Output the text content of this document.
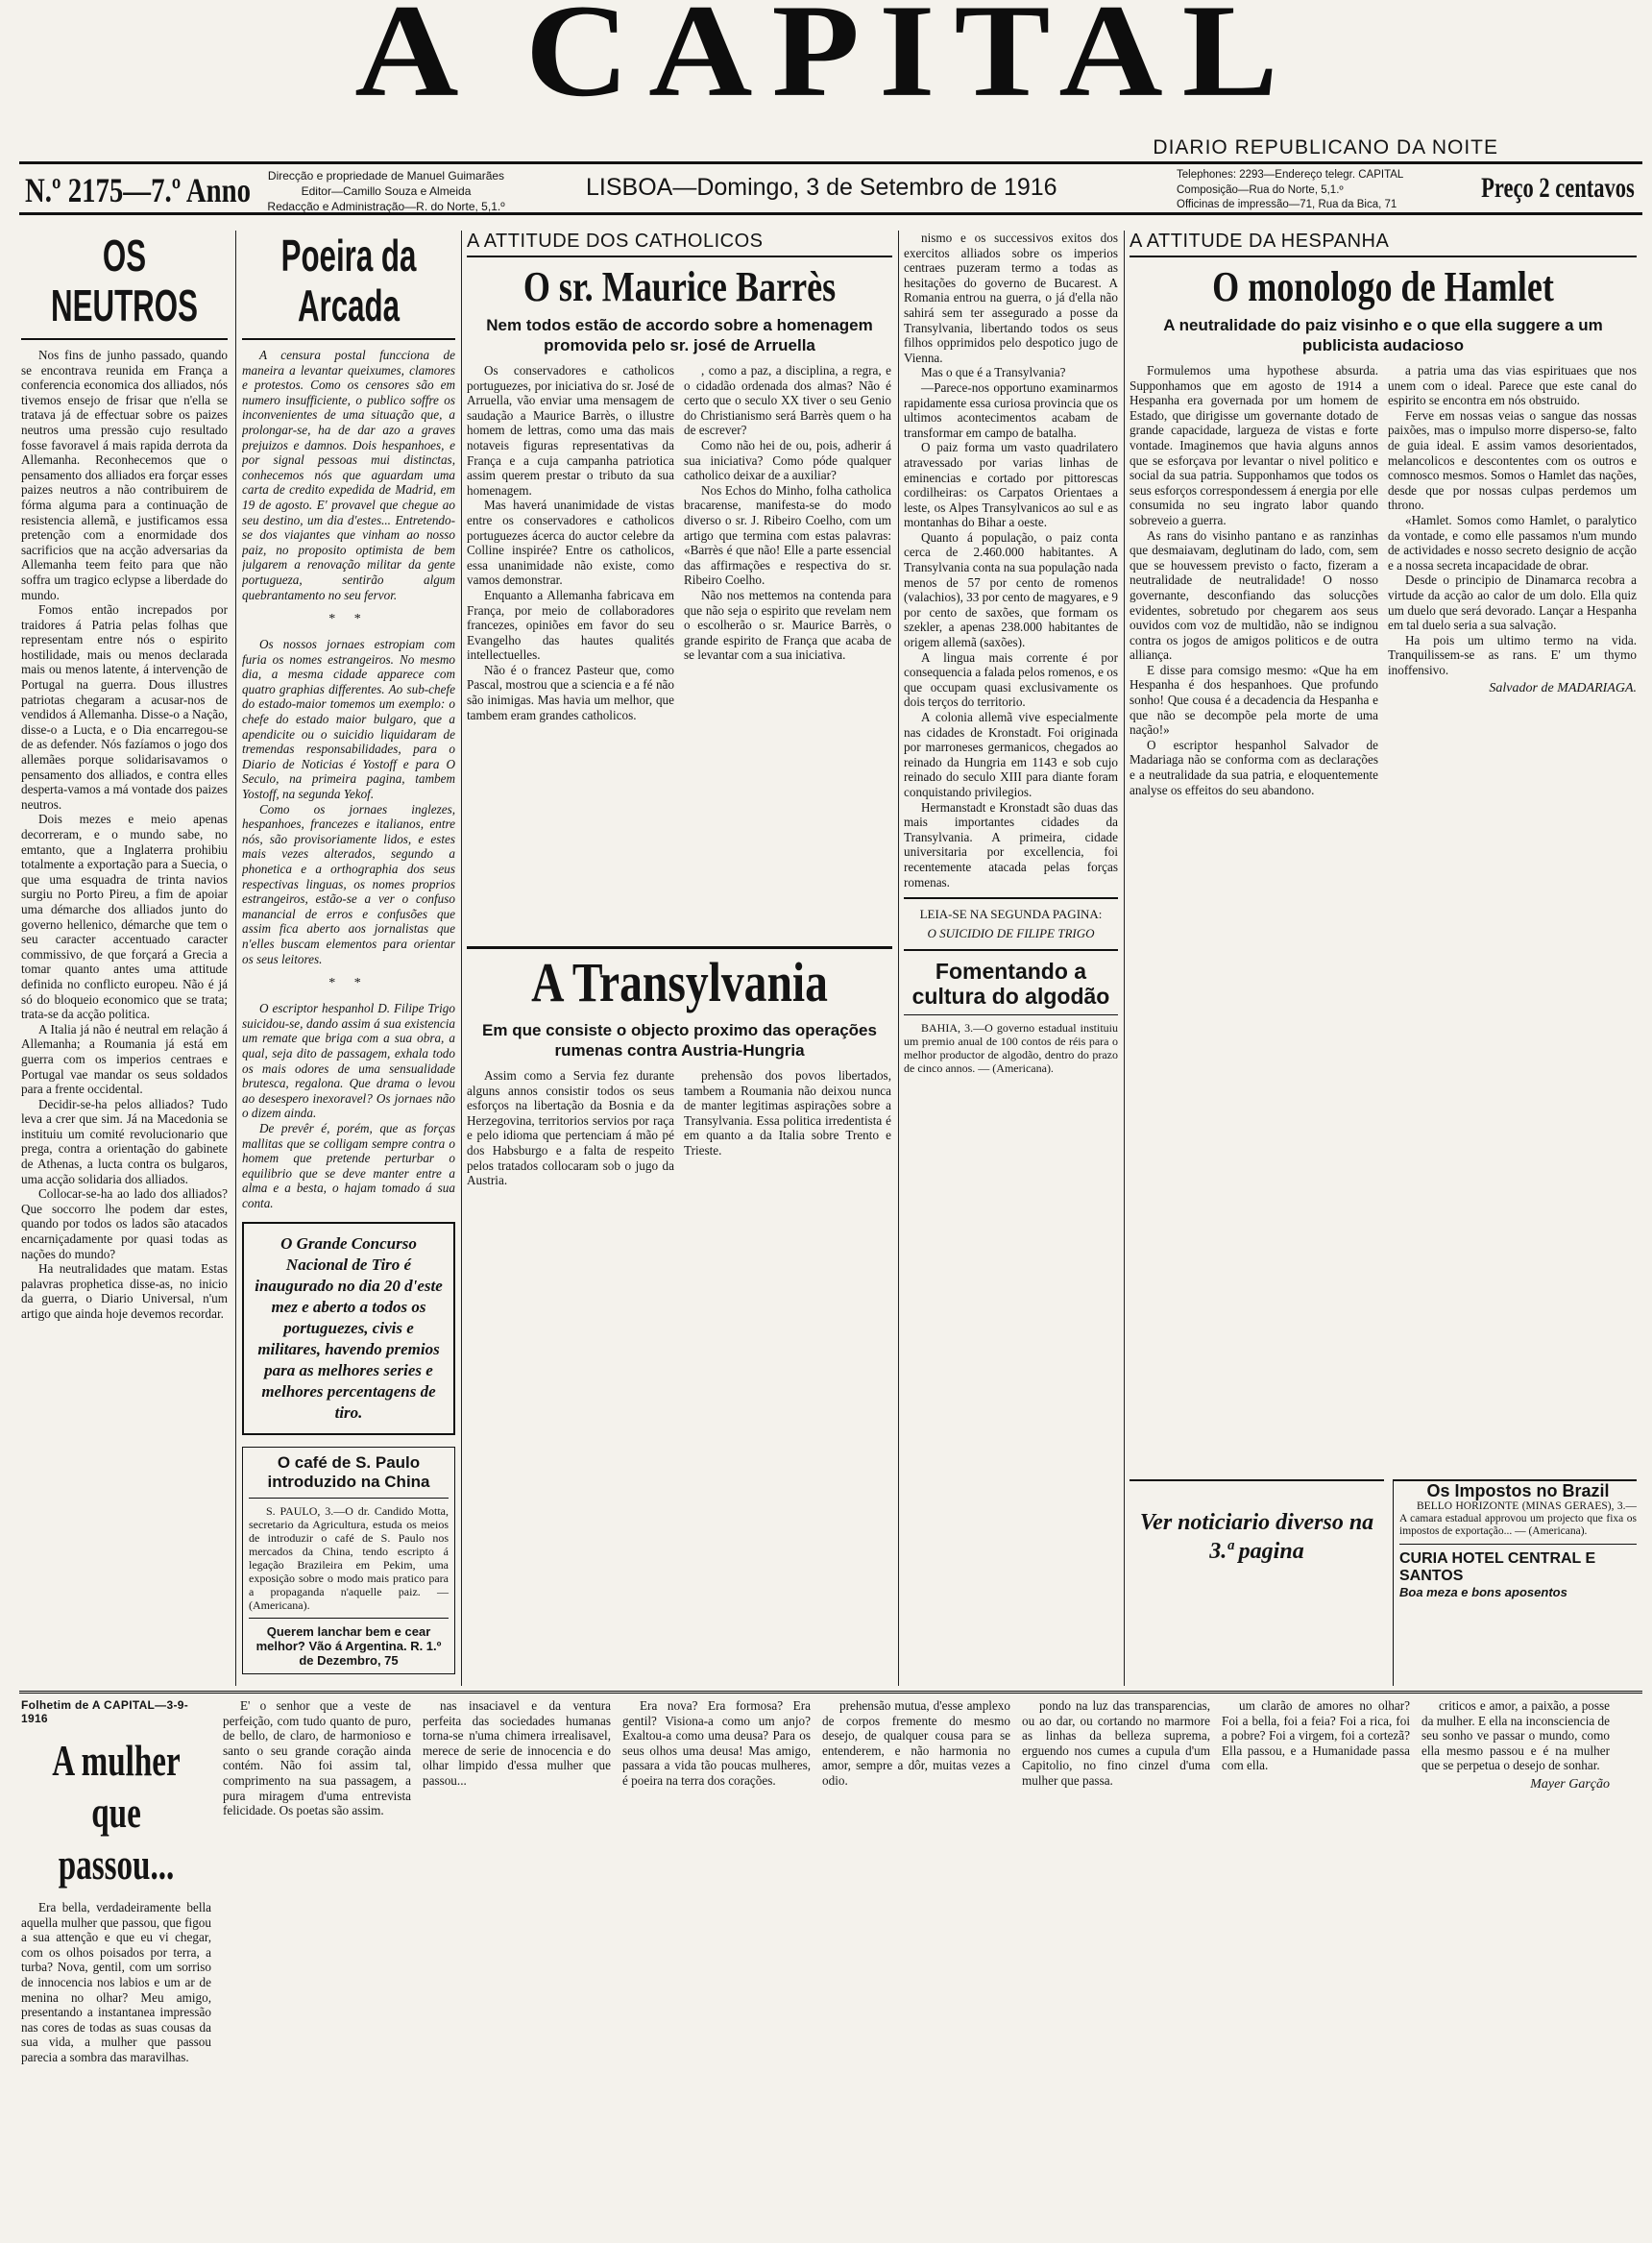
A CAPITAL
DIARIO REPUBLICANO DA NOITE
N.º 2175—7.º Anno	Direcção e propriedade de Manuel Guimarães
Editor—Camillo Souza e Almeida
Redacção e Administração—R. do Norte, 5,1.º
LISBOA—Domingo, 3 de Setembro de 1916	Telephones: 2293—Endereço telegr. CAPITAL
Composição—Rua do Norte, 5,1.º
Officinas de impressão—71, Rua da Bica, 71
Preço 2 centavos
OS NEUTROS

Nos fins de junho passado, quando se encontrava reunida em França a conferencia economica dos alliados, nós tivemos ensejo de frisar que n'ella se tratava já de effectuar sobre os paizes neutros uma pressão cujo resultado fosse favoravel á mais rapida derrota da Allemanha. Reconhecemos que o pensamento dos alliados era forçar esses paizes neutros a não contribuirem de fórma alguma para a continuação de resistencia allemã, e justificamos essa pretenção com a enormidade dos sacrificios que na acção adversarias da Allemanha teem feito para que não soffra um tragico eclypse a liberdade do mundo.

Fomos então increpados por traidores á Patria pelas folhas que representam entre nós o espirito hostilidade, mais ou menos declarada mais ou menos latente, á intervenção de Portugal na guerra. Dous illustres patriotas chegaram a acusar-nos de vendidos á Allemanha. Disse-o a Nação, disse-o a Lucta, e o Dia encarregou-se de as defender. Nós fazíamos o jogo dos allemães porque solidarisavamos o pensamento dos alliados, e contra elles desperta-vamos a má vontade dos paizes neutros.

Dois mezes e meio apenas decorreram, e o mundo sabe, no emtanto, que a Inglaterra prohibiu totalmente a exportação para a Suecia, o que uma esquadra de trinta navios surgiu no Porto Pireu, a fim de apoiar uma démarche dos alliados junto do governo hellenico, démarche que tem o seu caracter accentuado caracter commissivo, de que forçará a Grecia a tomar quanto antes uma attitude definida no conflicto europeu. Não é já só do bloqueio economico que se trata; trata-se da acção politica.

A Italia já não é neutral em relação á Allemanha; a Roumania já está em guerra com os imperios centraes e Portugal vae mandar os seus soldados para a frente occidental.

Decidir-se-ha pelos alliados? Tudo leva a crer que sim. Já na Macedonia se instituiu um comité revolucionario que prega, contra a orientação do gabinete de Athenas, a lucta contra os bulgaros, uma acção solidaria dos alliados.

Collocar-se-ha ao lado dos alliados? Que soccorro lhe podem dar estes, quando por todos os lados são atacados encarniçadamente por quasi todas as nações do mundo?

Ha neutralidades que matam. Estas palavras prophetica disse-as, no inicio da guerra, o Diario Universal, n'um artigo que ainda hoje devemos recordar.

Poeira da Arcada

A censura postal funcciona de maneira a levantar queixumes, clamores e protestos. Como os censores são em numero insufficiente, o publico soffre os inconvenientes de uma situação que, a prolongar-se, ha de dar azo a graves prejuizos e damnos. Dois hespanhoes, e por signal pessoas mui distinctas, conhecemos nós que aguardam uma carta de credito expedida de Madrid, em 19 de agosto. E' provavel que chegue ao seu destino, um dia d'estes... Entretendo-se dos viajantes que vinham ao nosso paiz, no proposito optimista de bem julgarem a renovação militar da gente portugueza, sentirão algum quebrantamento no seu fervor.

* *

Os nossos jornaes estropiam com furia os nomes estrangeiros. No mesmo dia, a mesma cidade apparece com quatro graphias differentes. Ao sub-chefe do estado-maior tomemos um exemplo: o chefe do estado maior bulgaro, que a apendicite ou o suicidio liquidaram de tremendas responsabilidades, para o Diario de Noticias é Yostoff e para O Seculo, na primeira pagina, tambem Yostoff, na segunda Yekof.

Como os jornaes inglezes, hespanhoes, francezes e italianos, entre nós, são provisoriamente lidos, e estes mais vezes alterados, segundo a phonetica e a orthographia dos seus respectivas linguas, os nomes proprios estrangeiros, estão-se a ver o confuso manancial de erros e confusões que assim fica aberto aos jornalistas que n'elles buscam elementos para orientar os seus leitores.

* *

O escriptor hespanhol D. Filipe Trigo suicidou-se, dando assim á sua existencia um remate que briga com a sua obra, a qual, seja dito de passagem, exhala todo os mais odores de uma sensualidade brutesca, regalona. Que drama o levou ao desespero inexoravel? Os jornaes não o dizem ainda.

De prevêr é, porém, que as forças mallitas que se colligam sempre contra o homem que pretende perturbar o equilibrio que se deve manter entre a alma e a besta, o hajam tomado á sua conta.

O Grande Concurso Nacional de Tiro é inaugurado no dia 20 d'este mez e aberto a todos os portuguezes, civis e militares, havendo premios para as melhores series e melhores percentagens de tiro.
O café de S. Paulo introduzido na China

S. PAULO, 3.—O dr. Candido Motta, secretario da Agricultura, estuda os meios de introduzir o café de S. Paulo nos mercados da China, tendo escripto á legação Brazileira em Pekim, uma exposição sobre o modo mais pratico para a propaganda n'aquelle paiz. — (Americana).

Querem lanchar bem e cear melhor? Vão á Argentina. R. 1.º de Dezembro, 75
A ATTITUDE DOS CATHOLICOS
O sr. Maurice Barrès
Nem todos estão de accordo sobre a homenagem promovida pelo sr. josé de Arruella

Os conservadores e catholicos portuguezes, por iniciativa do sr. José de Arruella, vão enviar uma mensagem de saudação a Maurice Barrès, o illustre homem de lettras, como uma das mais notaveis figuras representativas da França e a cuja campanha patriotica assim querem prestar o tributo da sua homenagem.

Mas haverá unanimidade de vistas entre os conservadores e catholicos portuguezes ácerca do auctor celebre da Colline inspirée? Entre os catholicos, essa unanimidade não existe, como vamos demonstrar.

Enquanto a Allemanha fabricava em França, por meio de collaboradores francezes, opiniões em favor do seu Evangelho das hautes qualités intellectuelles.

Não é o francez Pasteur que, como Pascal, mostrou que a sciencia e a fé não são inimigas. Mas havia um melhor, que tambem eram grandes catholicos.

, como a paz, a disciplina, a regra, e o cidadão ordenada dos almas? Não é certo que o seculo XX tiver o seu Genio do Christianismo será Barrès quem o ha de escrever?

Como não hei de ou, pois, adherir á sua iniciativa? Como póde qualquer catholico deixar de a auxiliar?

Nos Echos do Minho, folha catholica bracarense, manifesta-se do modo diverso o sr. J. Ribeiro Coelho, com um artigo que termina com estas palavras: «Barrès é que não! Elle a parte essencial das affirmações e respectiva do sr. Ribeiro Coelho.

Não nos mettemos na contenda para que não seja o espirito que revelam nem o escolherão o sr. Maurice Barrès, o grande espirito de França que acaba de se levantar com a sua iniciativa.

A Transylvania
Em que consiste o objecto proximo das operações rumenas contra Austria-Hungria

Assim como a Servia fez durante alguns annos consistir todos os seus esforços na libertação da Bosnia e da Herzegovina, territorios servios por raça e pelo idioma que pertenciam á mão pé dos Habsburgo e a falta de respeito pelos tratados collocaram sob o jugo da Austria.

prehensão dos povos libertados, tambem a Roumania não deixou nunca de manter legitimas aspirações sobre a Transylvania. Essa politica irredentista é em quanto a da Italia sobre Trento e Trieste.

nismo e os successivos exitos dos exercitos alliados sobre os imperios centraes puzeram termo a todas as hesitações do governo de Bucarest. A Romania entrou na guerra, o já d'ella não sahirá sem ter assegurado a posse da Transylvania, libertando todos os seus filhos opprimidos pelo despotico jugo de Vienna.

Mas o que é a Transylvania?

—Parece-nos opportuno examinarmos rapidamente essa curiosa provincia que os ultimos acontecimentos acabam de transformar em campo de batalha.

O paiz forma um vasto quadrilatero atravessado por varias linhas de eminencias e cortado por pittorescas cordilheiras: os Carpatos Orientaes a leste, os Alpes Transylvanicos ao sul e as montanhas do Bihar a oeste.

Quanto á população, o paiz conta cerca de 2.460.000 habitantes. A Transylvania conta na sua população nada menos de 57 por cento de romenos (valachios), 33 por cento de magyares, e 9 por cento de saxões, que formam os szekler, a apenas 238.000 habitantes de origem allemã (saxões).

A lingua mais corrente é por consequencia a falada pelos romenos, e os que occupam quasi exclusivamente os dois terços do territorio.

A colonia allemã vive especialmente nas cidades de Kronstadt. Foi originada por marroneses germanicos, chegados ao reinado da Hungria em 1143 e sob cujo reinado do seculo XIII para diante foram conquistando privilegios.

Hermanstadt e Kronstadt são duas das mais importantes cidades da Transylvania. A primeira, cidade universitaria por excellencia, foi recentemente atacada pelas forças romenas.

LEIA-SE NA SEGUNDA PAGINA:
O SUICIDIO DE FILIPE TRIGO
Fomentando a cultura do algodão

BAHIA, 3.—O governo estadual instituiu um premio anual de 100 contos de réis para o melhor productor de algodão, dentro do prazo de cinco annos. — (Americana).

A ATTITUDE DA HESPANHA
O monologo de Hamlet
A neutralidade do paiz visinho e o que ella suggere a um publicista audacioso

Formulemos uma hypothese absurda. Supponhamos que em agosto de 1914 a Hespanha era governada por um homem de Estado, que dirigisse um governante dotado de grande capacidade, largueza de vistas e forte vontade. Imaginemos que havia alguns annos que se esforçava por levantar o nivel politico e social da sua patria. Supponhamos que todos os seus esforços correspondessem á energia por elle consumida no seu ingrato labor quando sobreveio a guerra.

As rans do visinho pantano e as ranzinhas que desmaiavam, deglutinam do lado, com, sem que se houvessem previsto o facto, fizeram a neutralidade de neutralidade! O nosso governante, desconfiando das solucções evidentes, sobretudo por chegarem aos seus ouvidos com voz de multidão, não se indignou contra os jogos de amigos politicos e de outra alliança.

E disse para comsigo mesmo: «Que ha em Hespanha é dos hespanhoes. Que profundo sonho! Que cousa é a decadencia da Hespanha e que não se decompõe pela morte de uma nação!»

O escriptor hespanhol Salvador de Madariaga não se conforma com as declarações e a neutralidade da sua patria, e eloquentemente analyse os effeitos do seu abandono.

a patria uma das vias espirituaes que nos unem com o ideal. Parece que este canal do espirito se encontra em nós obstruido.

Ferve em nossas veias o sangue das nossas paixões, mas o impulso morre disperso-se, falto de guia ideal. E assim vamos desorientados, melancolicos e descontentes com os outros e comnosco mesmos. Somos o Hamlet das nações, desde que por nossas culpas perdemos um throno.

«Hamlet. Somos como Hamlet, o paralytico da vontade, e como elle passamos n'um mundo de actividades e nosso secreto designio de acção e a nossa secreta incapacidade de obrar.

Desde o principio de Dinamarca recobra a virtude da acção ao calor de um dolo. Ella quiz um duelo que será devorado. Lançar a Hespanha em tal duelo seria a sua salvação.

Ha pois um ultimo termo na vida. Tranquilissem-se as rans. E' um thymo inoffensivo.

Salvador de MADARIAGA.
Ver noticiario diverso na 3.ª pagina
Os Impostos no Brazil

BELLO HORIZONTE (MINAS GERAES), 3.—A camara estadual approvou um projecto que fixa os impostos de exportação... — (Americana).

CURIA HOTEL CENTRAL E SANTOS
Boa meza e bons aposentos
Folhetim de A CAPITAL—3-9-1916
A mulher que passou...

Era bella, verdadeiramente bella aquella mulher que passou, que figou a sua attenção e que eu vi chegar, com os olhos poisados por terra, a turba? Nova, gentil, com um sorriso de innocencia nos labios e um ar de menina no olhar? Meu amigo, presentando a instantanea impressão nas cores de todas as suas cousas da sua vida, a mulher que passou parecia a sombra das maravilhas.

E' o senhor que a veste de perfeição, com tudo quanto de puro, de bello, de claro, de harmonioso e santo o seu grande coração ainda contém. Não foi assim tal, comprimento na sua passagem, a pura miragem d'uma entrevista felicidade. Os poetas são assim.

nas insaciavel e da ventura perfeita das sociedades humanas torna-se n'uma chimera irrealisavel, merece de serie de innocencia e do olhar limpido d'essa mulher que passou...

Era nova? Era formosa? Era gentil? Visiona-a como um anjo? Exaltou-a como uma deusa? Para os seus olhos uma deusa! Mas amigo, passara a vida tão poucas mulheres, é poeira na terra dos corações.

prehensão mutua, d'esse amplexo de corpos fremente do mesmo desejo, de qualquer cousa para se entenderem, e não harmonia no amor, sempre a dôr, muitas vezes a odio.

pondo na luz das transparencias, ou ao dar, ou cortando no marmore as linhas da belleza suprema, erguendo nos cumes a cupula d'um Capitolio, no fino cinzel d'uma mulher que passa.

um clarão de amores no olhar? Foi a bella, foi a feia? Foi a rica, foi a pobre? Foi a virgem, foi a cortezã? Ella passou, e a Humanidade passa com ella.

criticos e amor, a paixão, a posse da mulher. E ella na inconsciencia de seu sonho ve passar o mundo, como ella mesmo passou e é na mulher que se perpetua o desejo de sonhar.

Mayer Garção
